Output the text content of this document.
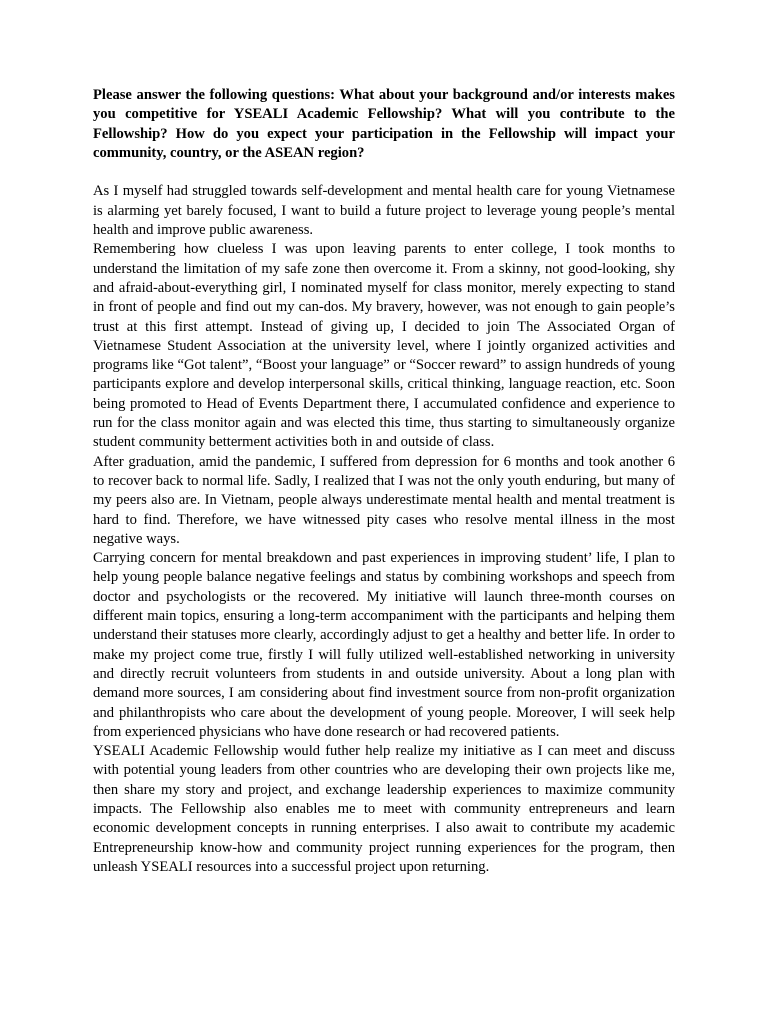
Please answer the following questions: What about your background and/or interests makes you competitive for YSEALI Academic Fellowship? What will you contribute to the Fellowship? How do you expect your participation in the Fellowship will impact your community, country, or the ASEAN region?

As I myself had struggled towards self-development and mental health care for young Vietnamese is alarming yet barely focused, I want to build a future project to leverage young people’s mental health and improve public awareness.

Remembering how clueless I was upon leaving parents to enter college, I took months to understand the limitation of my safe zone then overcome it. From a skinny, not good-looking, shy and afraid-about-everything girl, I nominated myself for class monitor, merely expecting to stand in front of people and find out my can-dos. My bravery, however, was not enough to gain people’s trust at this first attempt. Instead of giving up, I decided to join The Associated Organ of Vietnamese Student Association at the university level, where I jointly organized activities and programs like “Got talent”, “Boost your language” or “Soccer reward” to assign hundreds of young participants explore and develop interpersonal skills, critical thinking, language reaction, etc. Soon being promoted to Head of Events Department there, I accumulated confidence and experience to run for the class monitor again and was elected this time, thus starting to simultaneously organize student community betterment activities both in and outside of class.

After graduation, amid the pandemic, I suffered from depression for 6 months and took another 6 to recover back to normal life. Sadly, I realized that I was not the only youth enduring, but many of my peers also are. In Vietnam, people always underestimate mental health and mental treatment is hard to find. Therefore, we have witnessed pity cases who resolve mental illness in the most negative ways.

Carrying concern for mental breakdown and past experiences in improving student’ life, I plan to help young people balance negative feelings and status by combining workshops and speech from doctor and psychologists or the recovered. My initiative will launch three-month courses on different main topics, ensuring a long-term accompaniment with the participants and helping them understand their statuses more clearly, accordingly adjust to get a healthy and better life. In order to make my project come true, firstly I will fully utilized well-established networking in university and directly recruit volunteers from students in and outside university. About a long plan with demand more sources, I am considering about find investment source from non-profit organization and philanthropists who care about the development of young people. Moreover, I will seek help from experienced physicians who have done research or had recovered patients.

YSEALI Academic Fellowship would futher help realize my initiative as I can meet and discuss with potential young leaders from other countries who are developing their own projects like me, then share my story and project, and exchange leadership experiences to maximize community impacts. The Fellowship also enables me to meet with community entrepreneurs and learn economic development concepts in running enterprises. I also await to contribute my academic Entrepreneurship know-how and community project running experiences for the program, then unleash YSEALI resources into a successful project upon returning.
